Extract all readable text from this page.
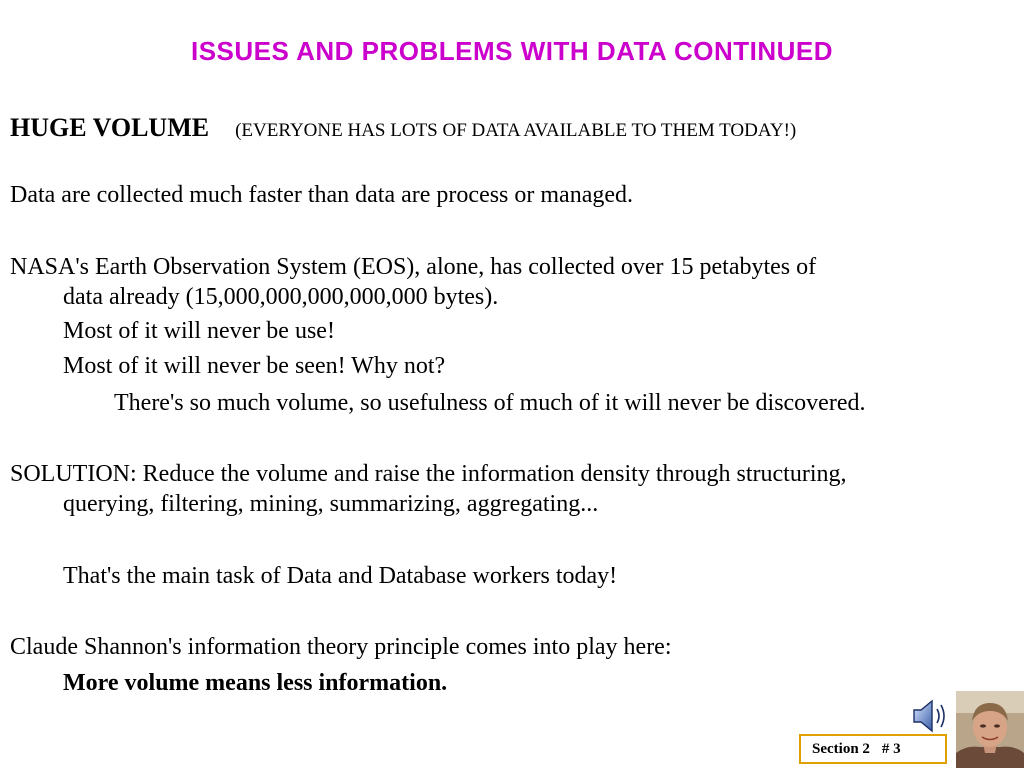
ISSUES AND PROBLEMS WITH DATA CONTINUED
HUGE VOLUME (EVERYONE HAS LOTS OF DATA AVAILABLE TO THEM TODAY!)
Data are collected much faster than data are process or managed.
NASA's Earth Observation System (EOS), alone, has collected over 15 petabytes of
data already (15,000,000,000,000,000 bytes).
Most of it will never be use!
Most of it will never be seen! Why not?
There's so much volume, so usefulness of much of it will never be discovered.
SOLUTION: Reduce the volume and raise the information density through structuring,
querying, filtering, mining, summarizing, aggregating...
That's the main task of Data and Database workers today!
Claude Shannon's information theory principle comes into play here:
More volume means less information.
Section 2 # 3
